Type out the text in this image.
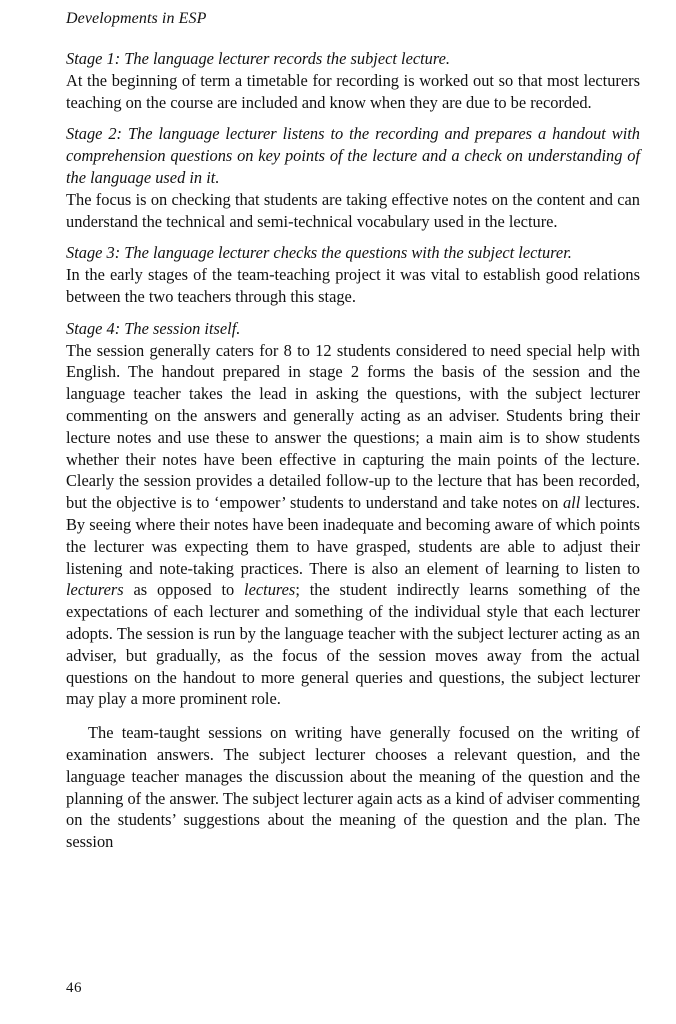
Developments in ESP

Stage 1: The language lecturer records the subject lecture.

At the beginning of term a timetable for recording is worked out so that most lecturers teaching on the course are included and know when they are due to be recorded.

Stage 2: The language lecturer listens to the recording and prepares a handout with comprehension questions on key points of the lecture and a check on understanding of the language used in it.

The focus is on checking that students are taking effective notes on the content and can understand the technical and semi-technical vocabulary used in the lecture.

Stage 3: The language lecturer checks the questions with the subject lecturer.

In the early stages of the team-teaching project it was vital to establish good relations between the two teachers through this stage.

Stage 4: The session itself.

The session generally caters for 8 to 12 students considered to need special help with English. The handout prepared in stage 2 forms the basis of the session and the language teacher takes the lead in asking the questions, with the subject lecturer commenting on the answers and generally acting as an adviser. Students bring their lecture notes and use these to answer the questions; a main aim is to show students whether their notes have been effective in capturing the main points of the lecture. Clearly the session provides a detailed follow-up to the lecture that has been recorded, but the objective is to ‘empower’ students to understand and take notes on all lectures. By seeing where their notes have been inadequate and becoming aware of which points the lecturer was expecting them to have grasped, students are able to adjust their listening and note-taking practices. There is also an element of learning to listen to lecturers as opposed to lectures; the student indirectly learns something of the expectations of each lecturer and something of the individual style that each lecturer adopts. The session is run by the language teacher with the subject lecturer acting as an adviser, but gradually, as the focus of the session moves away from the actual questions on the handout to more general queries and questions, the subject lecturer may play a more prominent role.

The team-taught sessions on writing have generally focused on the writing of examination answers. The subject lecturer chooses a relevant question, and the language teacher manages the discussion about the meaning of the question and the planning of the answer. The subject lecturer again acts as a kind of adviser commenting on the students’ suggestions about the meaning of the question and the plan. The session

46
